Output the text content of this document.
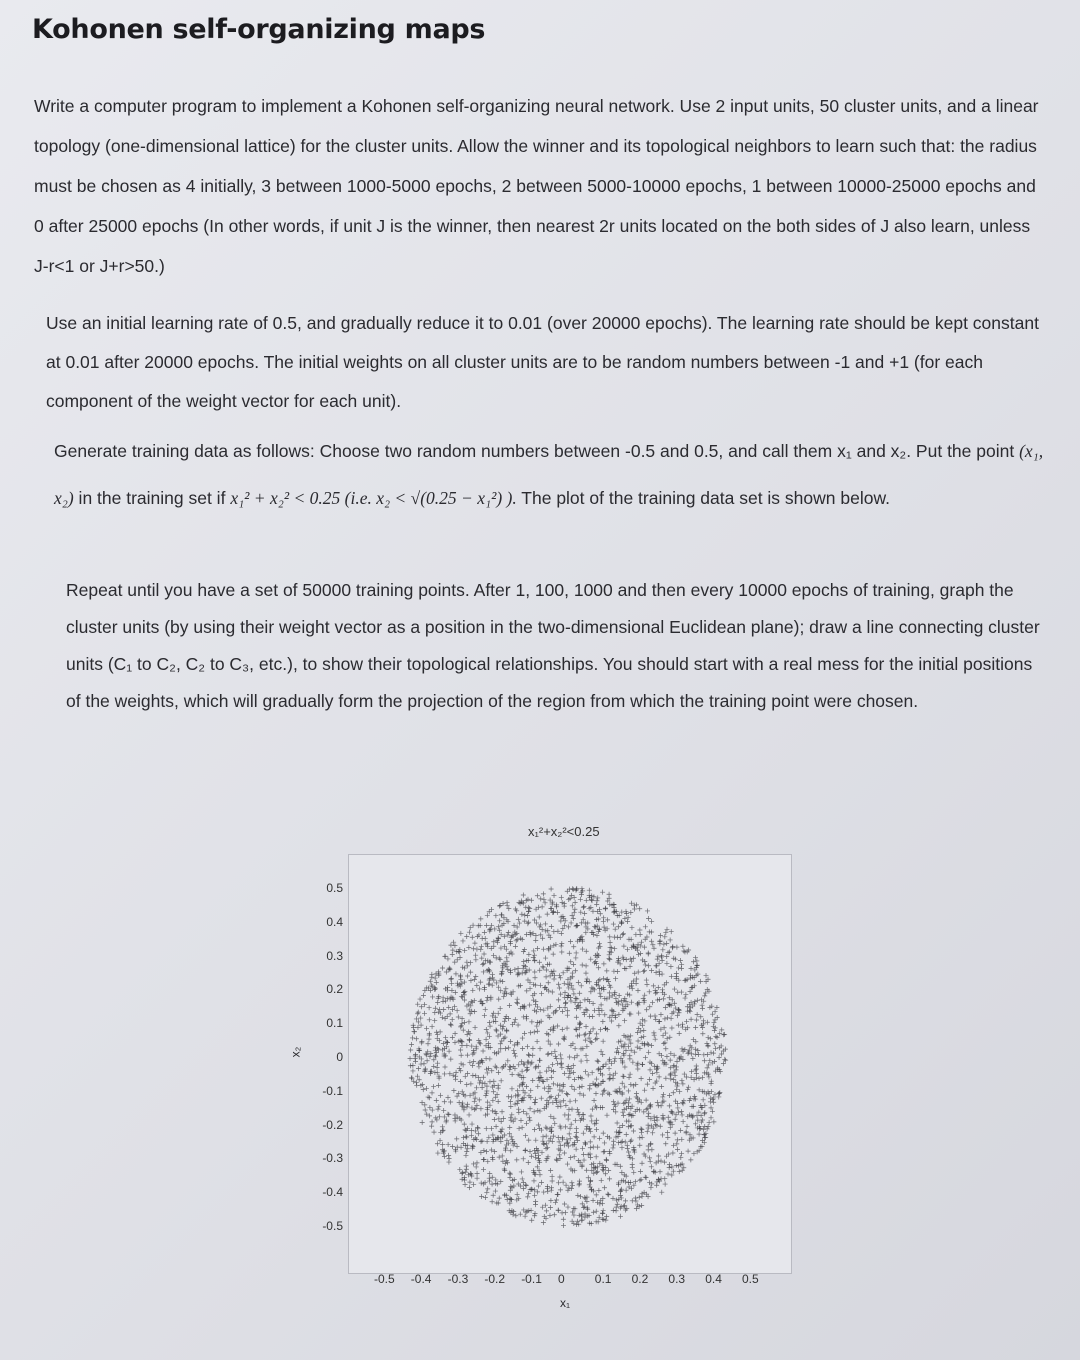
Kohonen self-organizing maps

Write a computer program to implement a Kohonen self-organizing neural network. Use 2 input units, 50 cluster units, and a linear topology (one-dimensional lattice) for the cluster units. Allow the winner and its topological neighbors to learn such that: the radius must be chosen as 4 initially, 3 between 1000-5000 epochs, 2 between 5000-10000 epochs, 1 between 10000-25000 epochs and 0 after 25000 epochs (In other words, if unit J is the winner, then nearest 2r units located on the both sides of J also learn, unless J-r<1 or J+r>50.)

Use an initial learning rate of 0.5, and gradually reduce it to 0.01 (over 20000 epochs). The learning rate should be kept constant at 0.01 after 20000 epochs. The initial weights on all cluster units are to be random numbers between -1 and +1 (for each component of the weight vector for each unit).

Generate training data as follows: Choose two random numbers between -0.5 and 0.5, and call them x₁ and x₂. Put the point (x₁, x₂) in the training set if x₁² + x₂² < 0.25 (i.e. x₂ < √(0.25 − x₁²) ). The plot of the training data set is shown below.

Repeat until you have a set of 50000 training points. After 1, 100, 1000 and then every 10000 epochs of training, graph the cluster units (by using their weight vector as a position in the two-dimensional Euclidean plane); draw a line connecting cluster units (C₁ to C₂, C₂ to C₃, etc.), to show their topological relationships. You should start with a real mess for the initial positions of the weights, which will gradually form the projection of the region from which the training point were chosen.

x₁²+x₂²<0.25
x₂
x₁
0.5
0.4
0.3
0.2
0.1
0
-0.1
-0.2
-0.3
-0.4
-0.5
-0.5 -0.4 -0.3 -0.2 -0.1 0	0.1 0.2 0.3 0.4 0.5
